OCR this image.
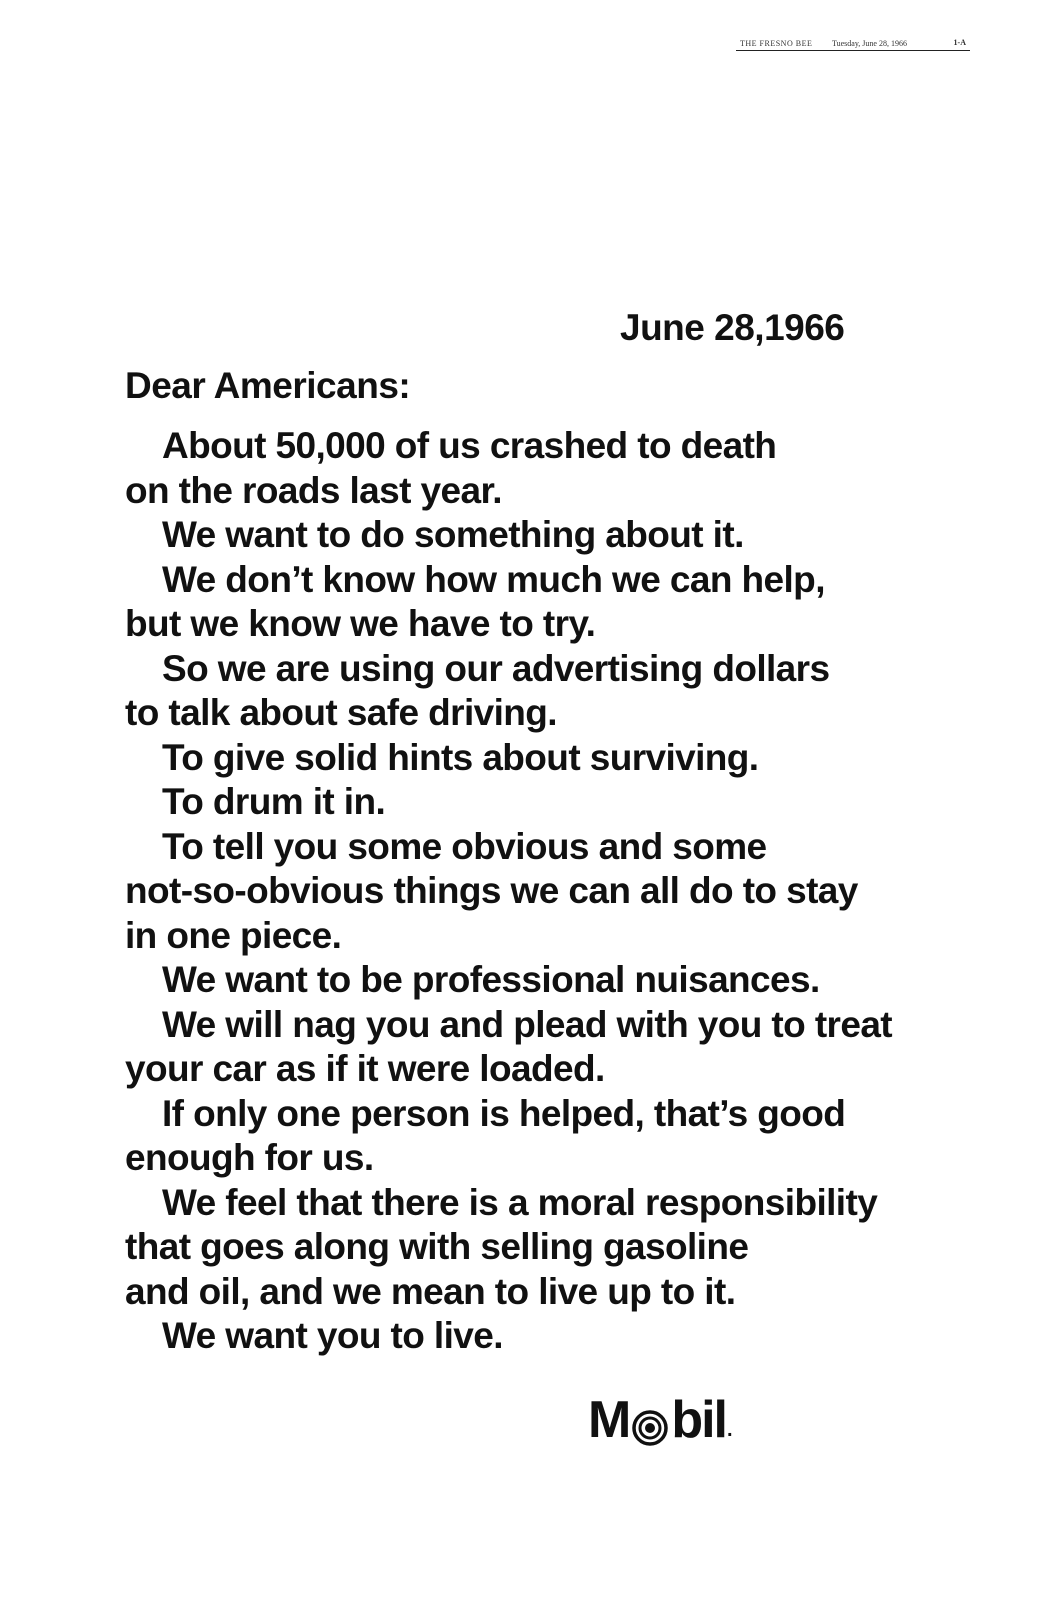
THE FRESNO BEE Tuesday, June 28, 1966	1-A
June 28,1966
Dear Americans:
About 50,000 of us crashed to death
on the roads last year.
We want to do something about it.
We don’t know how much we can help,
but we know we have to try.
So we are using our advertising dollars
to talk about safe driving.
To give solid hints about surviving.
To drum it in.
To tell you some obvious and some
not-so-obvious things we can all do to stay
in one piece.
We want to be professional nuisances.
We will nag you and plead with you to treat
your car as if it were loaded.
If only one person is helped, that’s good
enough for us.
We feel that there is a moral responsibility
that goes along with selling gasoline
and oil, and we mean to live up to it.
We want you to live.
M bil .
